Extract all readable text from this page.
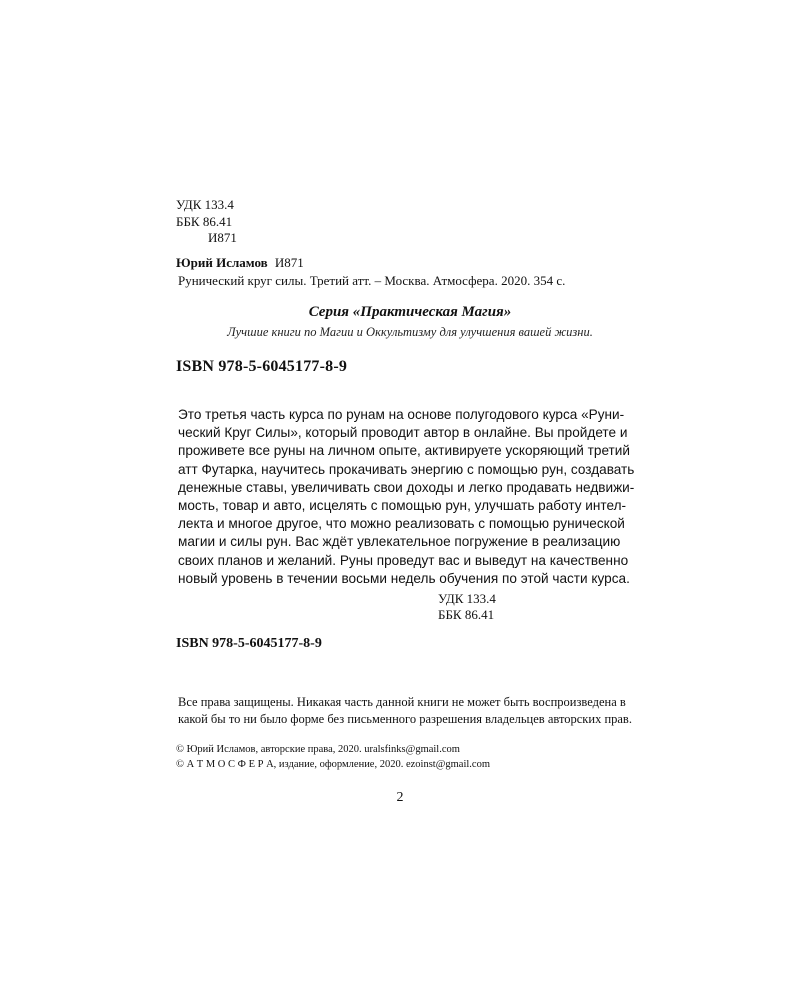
УДК 133.4
ББК 86.41
И871
Юрий Исламов И871
Рунический круг силы. Третий атт. – Москва. Атмосфера. 2020. 354 с.
Серия «Практическая Магия»
Лучшие книги по Магии и Оккультизму для улучшения вашей жизни.
ISBN 978-5-6045177-8-9
Это третья часть курса по рунам на основе полугодового курса «Руни-
ческий Круг Силы», который проводит автор в онлайне. Вы пройдете и
проживете все руны на личном опыте, активируете ускоряющий третий
атт Футарка, научитесь прокачивать энергию с помощью рун, создавать
денежные ставы, увеличивать свои доходы и легко продавать недвижи-
мость, товар и авто, исцелять с помощью рун, улучшать работу интел-
лекта и многое другое, что можно реализовать с помощью рунической
магии и силы рун. Вас ждёт увлекательное погружение в реализацию
своих планов и желаний. Руны проведут вас и выведут на качественно
новый уровень в течении восьми недель обучения по этой части курса.
УДК 133.4
ББК 86.41
ISBN 978-5-6045177-8-9
Все права защищены. Никакая часть данной книги не может быть воспроизведена в
какой бы то ни было форме без письменного разрешения владельцев авторских прав.
© Юрий Исламов, авторские права, 2020. uralsfinks@gmail.com
© А Т М О С Ф Е Р А, издание, оформление, 2020. ezoinst@gmail.com
2
